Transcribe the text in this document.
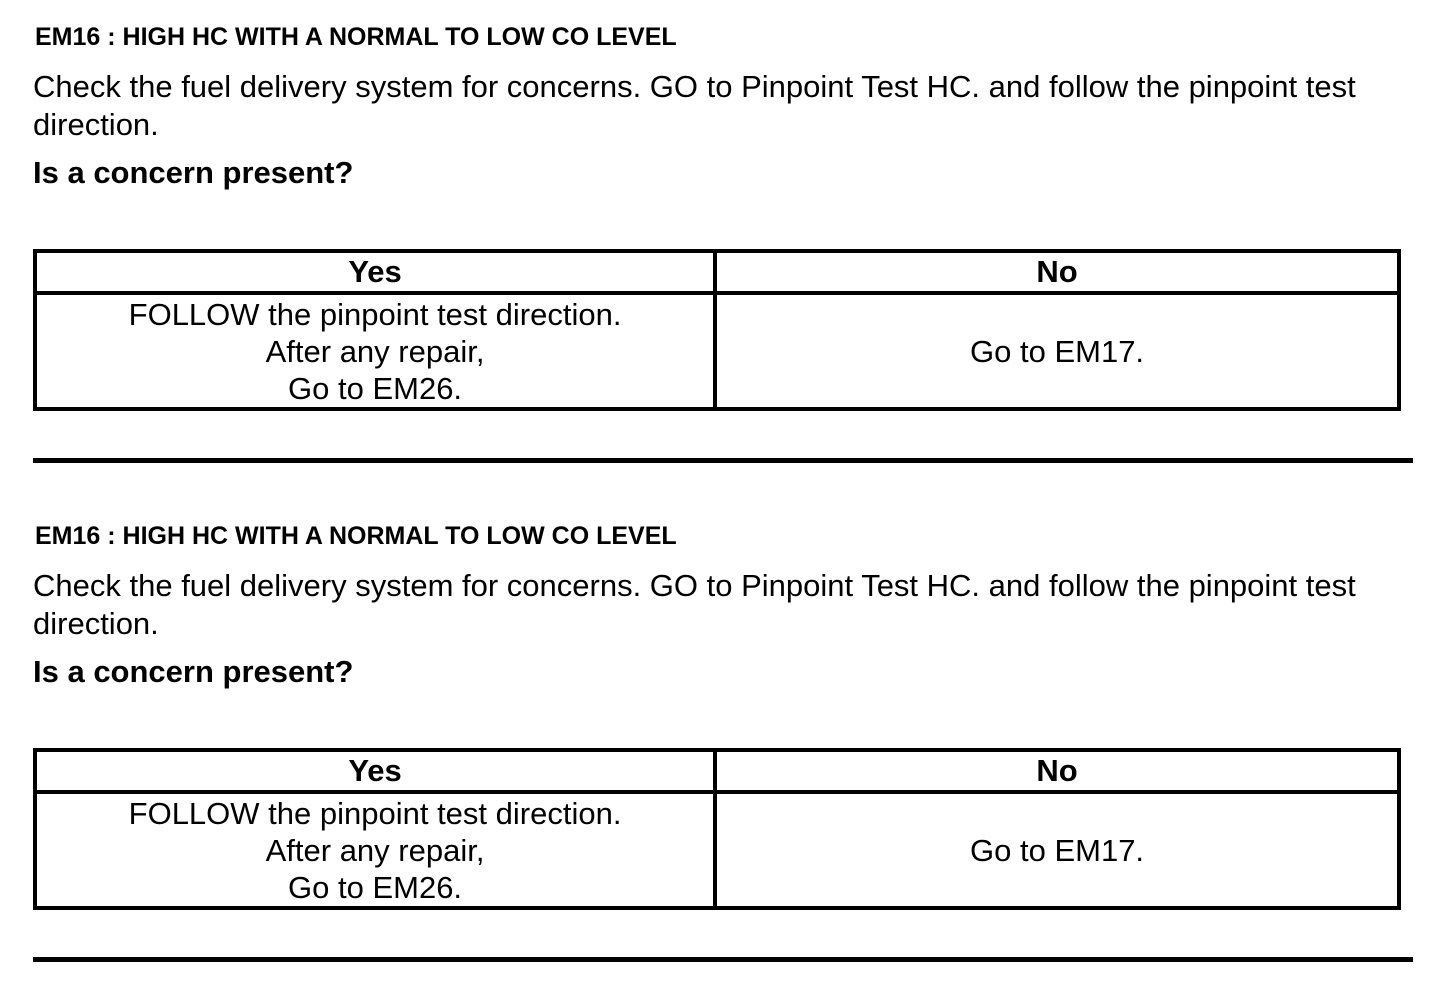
EM16 : HIGH HC WITH A NORMAL TO LOW CO LEVEL
Check the fuel delivery system for concerns. GO to Pinpoint Test HC. and follow the pinpoint test direction.
Is a concern present?
Yes	No

FOLLOW the pinpoint test direction.
After any repair,
Go to EM26.	Go to EM17.
EM16 : HIGH HC WITH A NORMAL TO LOW CO LEVEL
Check the fuel delivery system for concerns. GO to Pinpoint Test HC. and follow the pinpoint test direction.
Is a concern present?
Yes	No

FOLLOW the pinpoint test direction.
After any repair,
Go to EM26.	Go to EM17.
